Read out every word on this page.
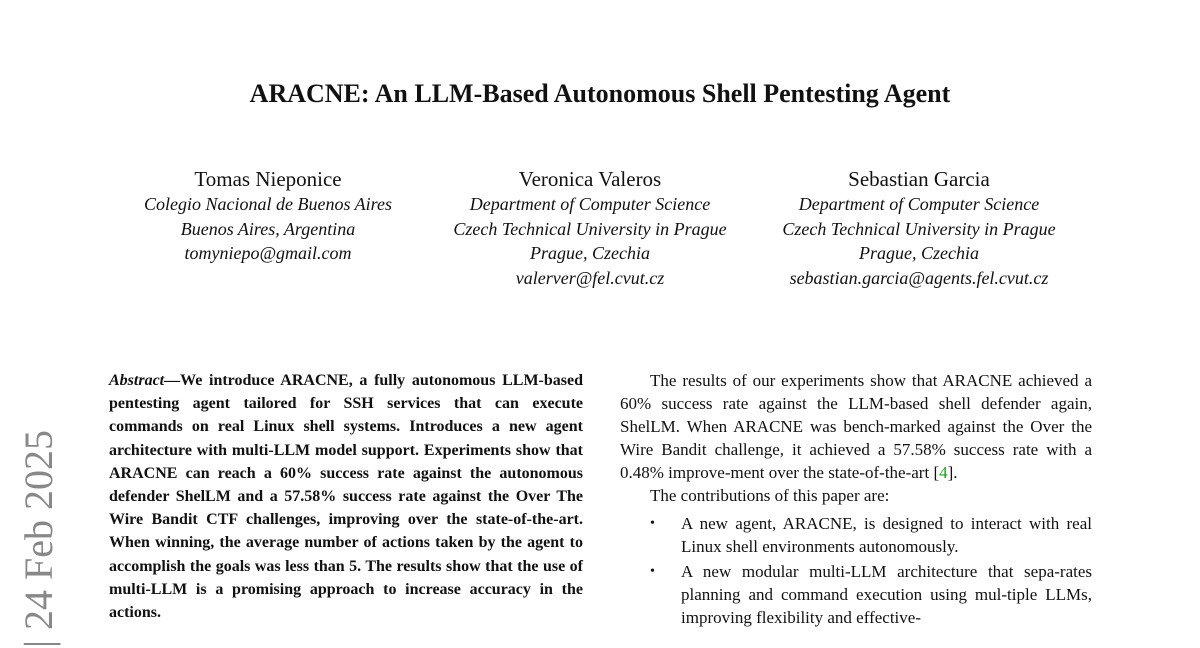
ARACNE: An LLM-Based Autonomous Shell Pentesting Agent
Tomas Nieponice
Colegio Nacional de Buenos Aires
Buenos Aires, Argentina
tomyniepo@gmail.com
Veronica Valeros
Department of Computer Science
Czech Technical University in Prague
Prague, Czechia
valerver@fel.cvut.cz
Sebastian Garcia
Department of Computer Science
Czech Technical University in Prague
Prague, Czechia
sebastian.garcia@agents.fel.cvut.cz
| 24 Feb 2025
Abstract—We introduce ARACNE, a fully autonomous LLM-based pentesting agent tailored for SSH services that can execute commands on real Linux shell systems. Introduces a new agent architecture with multi-LLM model support. Experiments show that ARACNE can reach a 60% success rate against the autonomous defender ShelLM and a 57.58% success rate against the Over The Wire Bandit CTF challenges, improving over the state-of-the-art. When winning, the average number of actions taken by the agent to accomplish the goals was less than 5. The results show that the use of multi-LLM is a promising approach to increase accuracy in the actions.

The results of our experiments show that ARACNE achieved a 60% success rate against the LLM-based shell defender again, ShelLM. When ARACNE was bench-marked against the Over the Wire Bandit challenge, it achieved a 57.58% success rate with a 0.48% improve-ment over the state-of-the-art [4].

The contributions of this paper are:

• A new agent, ARACNE, is designed to interact with real Linux shell environments autonomously.
• A new modular multi-LLM architecture that sepa-rates planning and command execution using mul-tiple LLMs, improving flexibility and effective-
